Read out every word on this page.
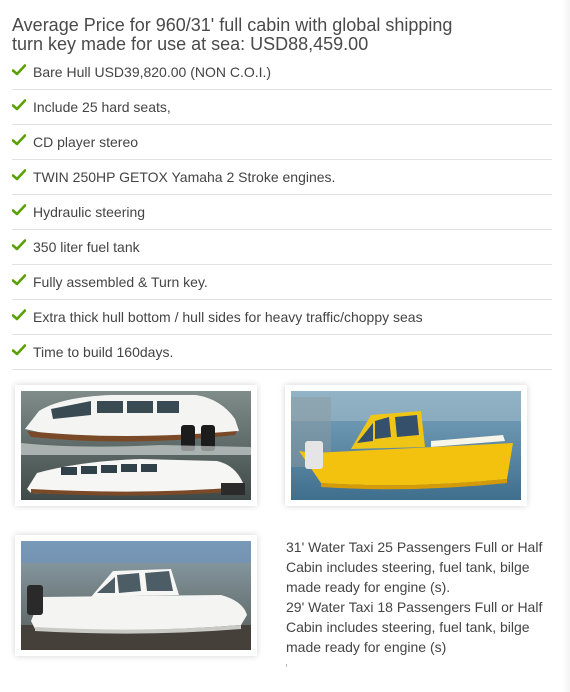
Average Price for 960/31' full cabin with global shipping
turn key made for use at sea: USD88,459.00
Bare Hull USD39,820.00 (NON C.O.I.)
Include 25 hard seats,
CD player stereo
TWIN 250HP GETOX Yamaha 2 Stroke engines.
Hydraulic steering
350 liter fuel tank
Fully assembled & Turn key.
Extra thick hull bottom / hull sides for heavy traffic/choppy seas
Time to build 160days.

31' Water Taxi 25 Passengers Full or Half Cabin includes steering, fuel tank, bilge made ready for engine (s).

29' Water Taxi 18 Passengers Full or Half Cabin includes steering, fuel tank, bilge made ready for engine (s)
